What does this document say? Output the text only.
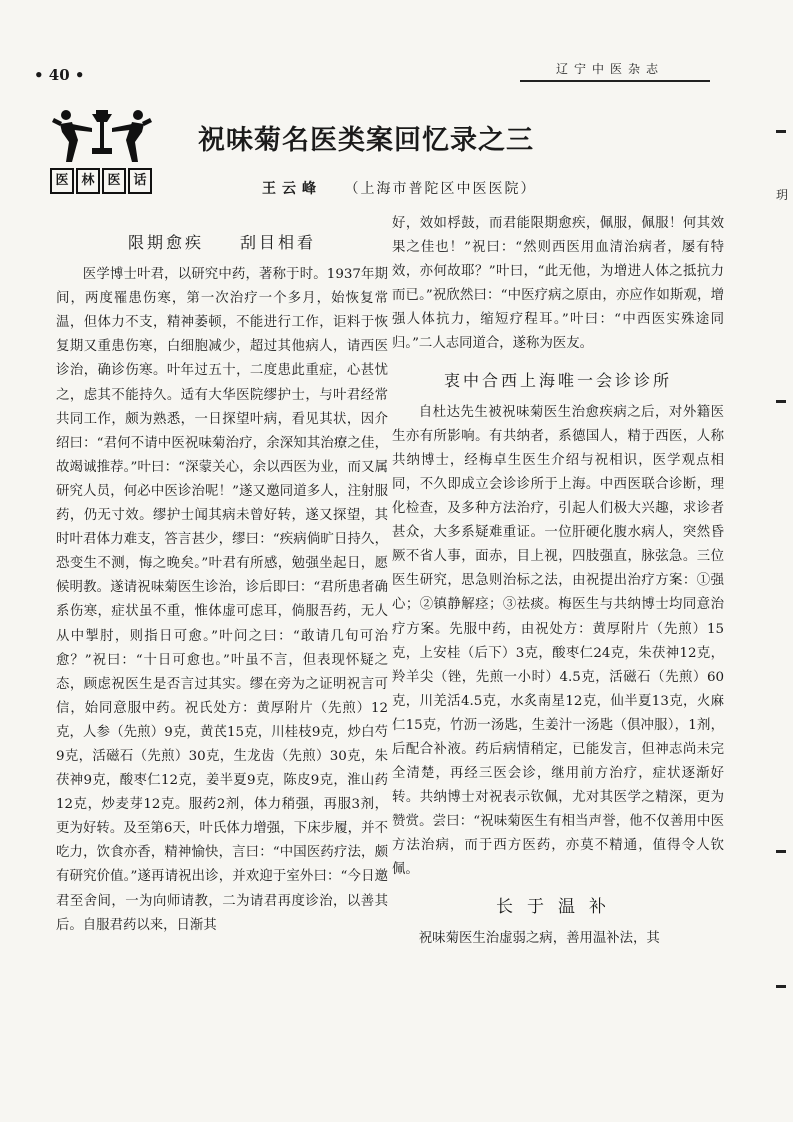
• 40 •	辽宁中医杂志
医 林 医 话
祝味菊名医类案回忆录之三
王云峰 （上海市普陀区中医医院）
限期愈疾 刮目相看

医学博士叶君，以研究中药，著称于时。1937年期间，两度罹患伤寒，第一次治疗一个多月，始恢复常温，但体力不支，精神萎顿，不能进行工作，讵料于恢复期又重患伤寒，白细胞减少，超过其他病人，请西医诊治，确诊伤寒。叶年过五十，二度患此重症，心甚忧之，虑其不能持久。适有大华医院缪护士，与叶君经常共同工作，颇为熟悉，一日探望叶病，看见其状，因介绍曰：“君何不请中医祝味菊治疗，余深知其治療之佳，故竭诚推荐。”叶曰：“深蒙关心，余以西医为业，而又属研究人员，何必中医诊治呢！”遂又邀同道多人，注射服药，仍无寸效。缪护士闻其病未曾好转，遂又探望，其时叶君体力难支，答言甚少，缪曰：“疾病倘旷日持久，恐变生不测，悔之晚矣。”叶君有所感，勉强坐起日，愿候明教。遂请祝味菊医生诊治，诊后即曰：“君所患者确系伤寒，症状虽不重，惟体虚可虑耳，倘服吾药，无人从中掣肘，则指日可愈。”叶问之曰：“敢请几旬可治愈？”祝曰：“十日可愈也。”叶虽不言，但表现怀疑之态，顾虑祝医生是否言过其实。缪在旁为之证明祝言可信，始同意服中药。祝氏处方：黄厚附片（先煎）12克，人参（先煎）9克，黄芪15克，川桂枝9克，炒白芍9克，活磁石（先煎）30克，生龙齿（先煎）30克，朱茯神9克，酸枣仁12克，姜半夏9克，陈皮9克，淮山药12克，炒麦芽12克。服药2剂，体力稍强，再服3剂，更为好转。及至第6天，叶氏体力增强，下床步履，并不吃力，饮食亦香，精神愉快，言曰：“中国医药疗法，颇有研究价值。”遂再请祝出诊，并欢迎于室外曰：“今日邀君至舍间，一为向师请教，二为请君再度诊治，以善其后。自服君药以来，日渐其

好，效如桴鼓，而君能限期愈疾，佩服，佩服！何其效果之佳也！”祝曰：“然则西医用血清治病者，屡有特效，亦何故耶？”叶曰，“此无他，为增进人体之抵抗力而已。”祝欣然曰：“中医疗病之原由，亦应作如斯观，增强人体抗力，缩短疗程耳。”叶曰：“中西医实殊途同归。”二人志同道合，遂称为医友。

衷中合西上海唯一会诊诊所

自杜达先生被祝味菊医生治愈疾病之后，对外籍医生亦有所影响。有共纳者，系德国人，精于西医，人称共纳博士，经梅卓生医生介绍与祝相识，医学观点相同，不久即成立会诊诊所于上海。中西医联合诊断，理化检查，及多种方法治疗，引起人们极大兴趣，求诊者甚众，大多系疑难重证。一位肝硬化腹水病人，突然昏厥不省人事，面赤，目上视，四肢强直，脉弦急。三位医生研究，思急则治标之法，由祝提出治疗方案：①强心；②镇静解痉；③祛痰。梅医生与共纳博士均同意治疗方案。先服中药，由祝处方：黄厚附片（先煎）15克，上安桂（后下）3克，酸枣仁24克，朱茯神12克，羚羊尖（锉，先煎一小时）4.5克，活磁石（先煎）60克，川羌活4.5克，水炙南星12克，仙半夏13克，火麻仁15克，竹沥一汤匙，生姜汁一汤匙（倶冲服），1剂，后配合补液。药后病情稍定，已能发言，但神志尚未完全清楚，再经三医会诊，继用前方治疗，症状逐渐好转。共纳博士对祝表示钦佩，尤对其医学之精深，更为赞赏。尝曰：“祝味菊医生有相当声誉，他不仅善用中医方法治病，而于西方医药，亦莫不精通，值得令人钦佩。

长于温补

祝味菊医生治虚弱之病，善用温补法，其

玥
